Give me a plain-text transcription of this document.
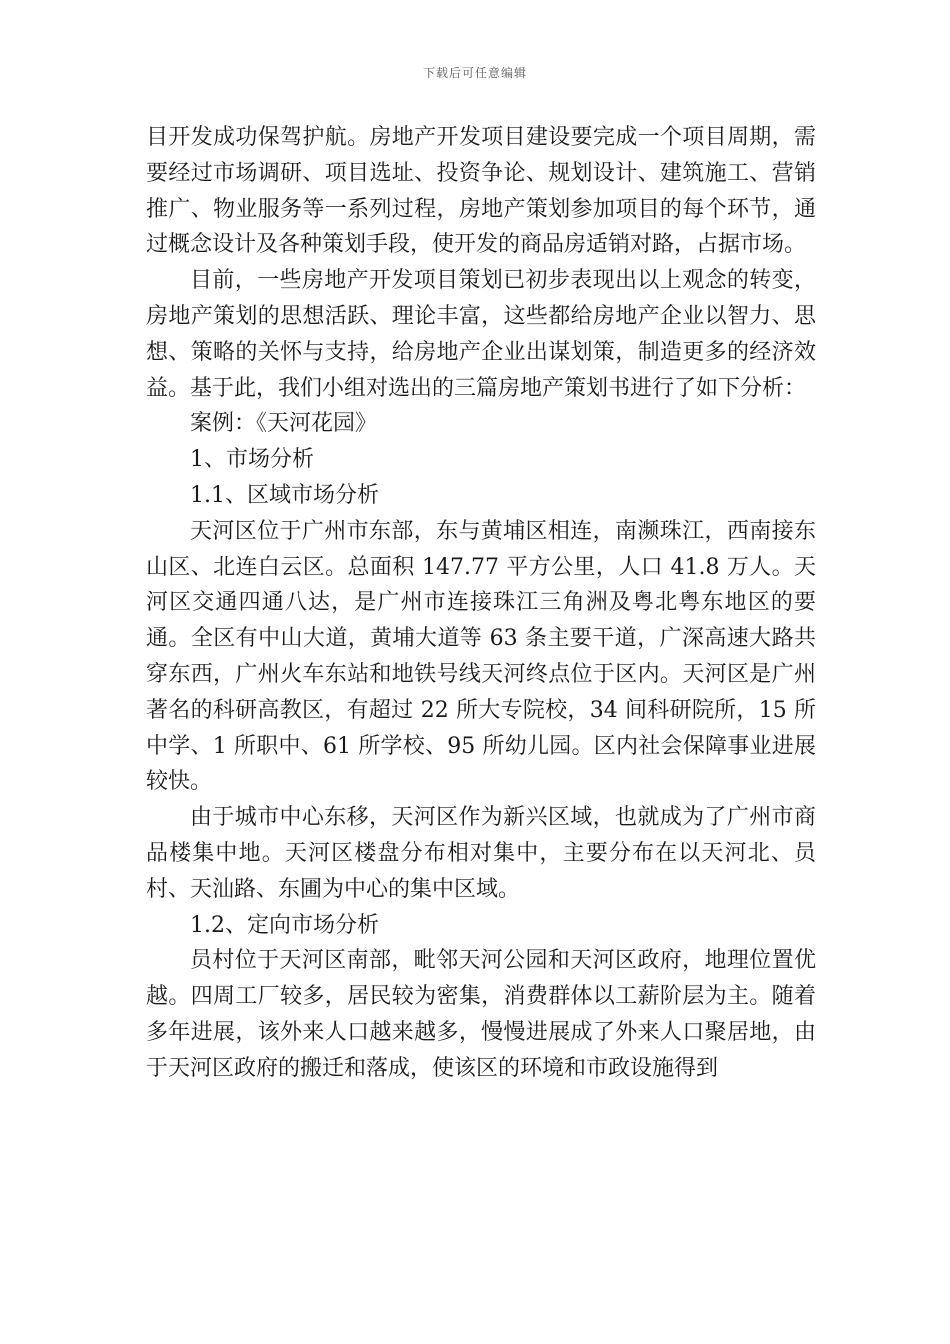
下载后可任意编辑

目开发成功保驾护航。房地产开发项目建设要完成一个项目周期，需要经过市场调研、项目选址、投资争论、规划设计、建筑施工、营销推广、物业服务等一系列过程，房地产策划参加项目的每个环节，通过概念设计及各种策划手段，使开发的商品房适销对路，占据市场。

目前，一些房地产开发项目策划已初步表现出以上观念的转变，房地产策划的思想活跃、理论丰富，这些都给房地产企业以智力、思想、策略的关怀与支持，给房地产企业出谋划策，制造更多的经济效益。基于此，我们小组对选出的三篇房地产策划书进行了如下分析：

案例：《天河花园》

1、市场分析

1.1、区域市场分析

天河区位于广州市东部，东与黄埔区相连，南濒珠江，西南接东山区、北连白云区。总面积 147.77 平方公里，人口 41.8 万人。天河区交通四通八达，是广州市连接珠江三角洲及粤北粤东地区的要通。全区有中山大道，黄埔大道等 63 条主要干道，广深高速大路共穿东西，广州火车东站和地铁号线天河终点位于区内。天河区是广州著名的科研高教区，有超过 22 所大专院校，34 间科研院所，15 所中学、1 所职中、61 所学校、95 所幼儿园。区内社会保障事业进展较快。

由于城市中心东移，天河区作为新兴区域，也就成为了广州市商品楼集中地。天河区楼盘分布相对集中，主要分布在以天河北、员村、天汕路、东圃为中心的集中区域。

1.2、定向市场分析

员村位于天河区南部，毗邻天河公园和天河区政府，地理位置优越。四周工厂较多，居民较为密集，消费群体以工薪阶层为主。随着多年进展，该外来人口越来越多，慢慢进展成了外来人口聚居地，由于天河区政府的搬迁和落成，使该区的环境和市政设施得到
